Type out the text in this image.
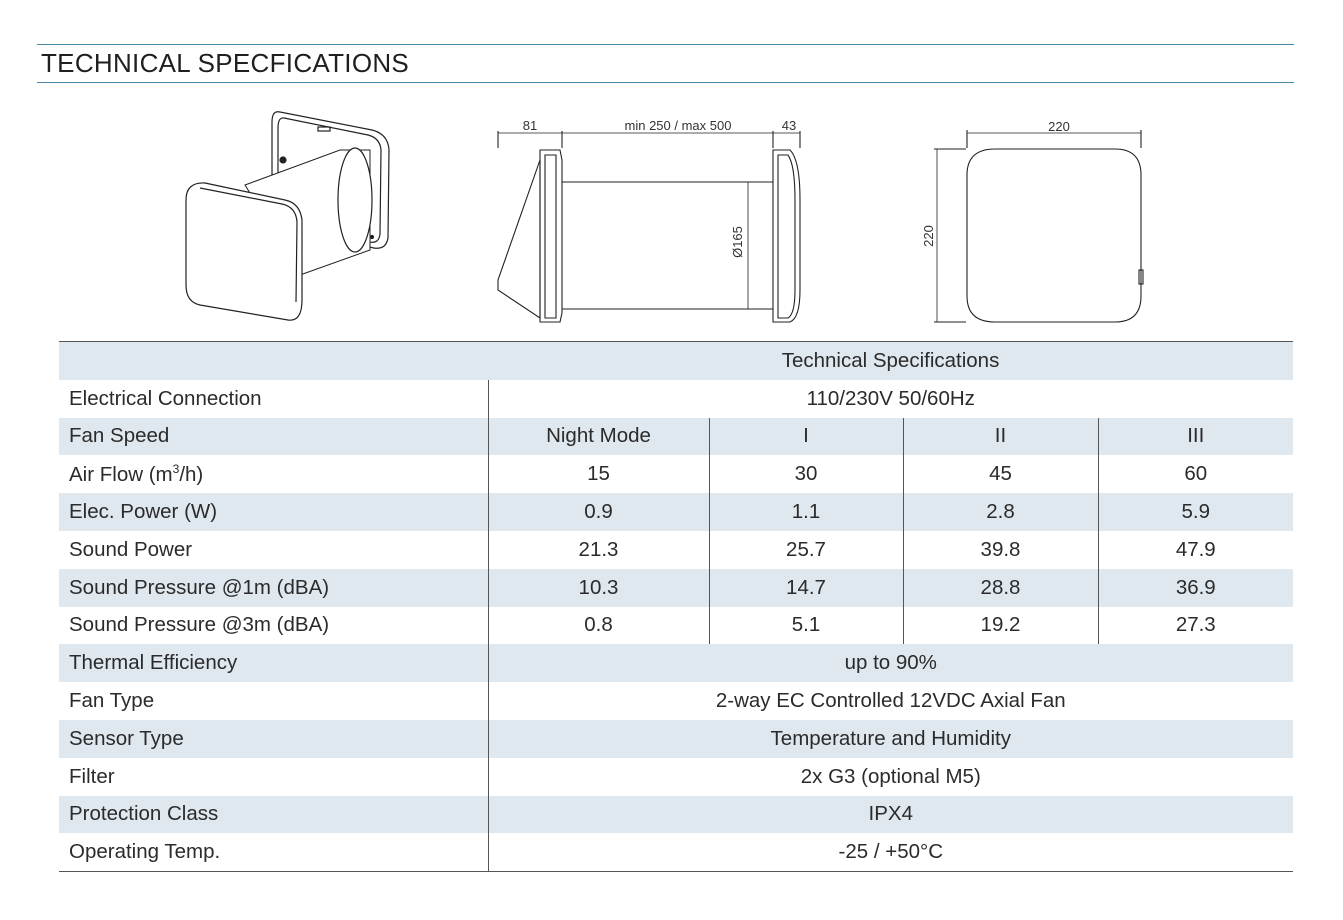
TECHNICAL SPECFICATIONS
81	min 250 / max 500	43
Ø165
220
220
	Technical Specifications			
Electrical Connection	110/230V 50/60Hz			
Fan Speed	Night Mode	I	II	III
Air Flow $(m^3/h)$	15	30	45	60
Elec. Power (W)	0.9	1.1	2.8	5.9
Sound Power	21.3	25.7	39.8	47.9
Sound Pressure @1m (dBA)	10.3	14.7	28.8	36.9
Sound Pressure @3m (dBA)	0.8	5.1	19.2	27.3
Thermal Efficiency	up to 90%			
Fan Type	2-way EC Controlled 12VDC Axial Fan			
Sensor Type	Temperature and Humidity			
Filter	2x G3 (optional M5)			
Protection Class	IPX4			
Operating Temp.	-25 / +50°C			
